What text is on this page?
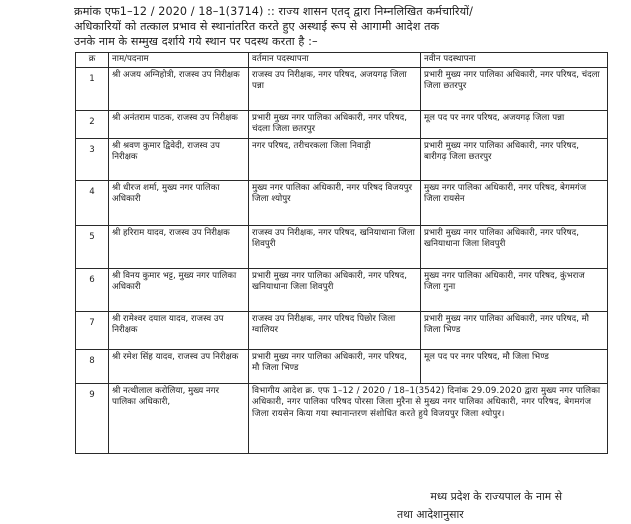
क्रमांक एफ1–12 / 2020 / 18–1(3714) :: राज्य शासन एतद् द्वारा निम्नलिखित कर्मचारियों/

अधिकारियों को तत्काल प्रभाव से स्थानांतरित करते हुए अस्थाई रूप से आगामी आदेश तक

उनके नाम के सम्मुख दर्शाये गये स्थान पर पदस्थ करता है :–

क्र	नाम/पदनाम	वर्तमान पदस्थापना	नवीन पदस्थापना
1	श्री अजय अग्निहोत्री, राजस्व उप निरीक्षक	राजस्व उप निरीक्षक, नगर परिषद, अजयगढ़ जिला पन्ना	प्रभारी मुख्य नगर पालिका अधिकारी, नगर परिषद, चंदला जिला छतरपुर
2	श्री अनंतराम पाठक, राजस्व उप निरीक्षक	प्रभारी मुख्य नगर पालिका अधिकारी, नगर परिषद, चंदला जिला छतरपुर	मूल पद पर नगर परिषद, अजयगढ़ जिला पन्ना
3	श्री श्रवण कुमार द्विवेदी, राजस्व उप निरीक्षक	नगर परिषद, तरीचरकला जिला निवाड़ी	प्रभारी मुख्य नगर पालिका अधिकारी, नगर परिषद, बारीगढ़ जिला छतरपुर
4	श्री धीरज शर्मा, मुख्य नगर पालिका अधिकारी	मुख्य नगर पालिका अधिकारी, नगर परिषद विजयपुर जिला श्योपुर	मुख्य नगर पालिका अधिकारी, नगर परिषद, बेगमगंज जिला रायसेन
5	श्री हरिराम यादव, राजस्व उप निरीक्षक	राजस्व उप निरीक्षक, नगर परिषद, खनियाधाना जिला शिवपुरी	प्रभारी मुख्य नगर पालिका अधिकारी, नगर परिषद, खनियाधाना जिला शिवपुरी
6	श्री विनय कुमार भट्ट, मुख्य नगर पालिका अधिकारी	प्रभारी मुख्य नगर पालिका अधिकारी, नगर परिषद, खनियाधाना जिला शिवपुरी	मुख्य नगर पालिका अधिकारी, नगर परिषद, कुंभराज जिला गुना
7	श्री रामेश्वर दयाल यादव, राजस्व उप निरीक्षक	राजस्व उप निरीक्षक, नगर परिषद पिछोर जिला ग्वालियर	प्रभारी मुख्य नगर पालिका अधिकारी, नगर परिषद, मौ जिला भिण्ड
8	श्री रमेश सिंह यादव, राजस्व उप निरीक्षक	प्रभारी मुख्य नगर पालिका अधिकारी, नगर परिषद, मौ जिला भिण्ड	मूल पद पर नगर परिषद, मौ जिला भिण्ड
9	श्री नत्थीलाल करोलिया, मुख्य नगर पालिका अधिकारी,	विभागीय आदेश क्र. एफ 1–12 / 2020 / 18–1(3542) दिनांक 29.09.2020 द्वारा मुख्य नगर पालिका अधिकारी, नगर पालिका परिषद पोरसा जिला मुरैना से मुख्य नगर पालिका अधिकारी, नगर परिषद, बेगमगंज जिला रायसेन किया गया स्थानान्तरण संशोधित करते हुये विजयपुर जिला श्योपुर।	

मध्य प्रदेश के राज्यपाल के नाम से

तथा आदेशानुसार
